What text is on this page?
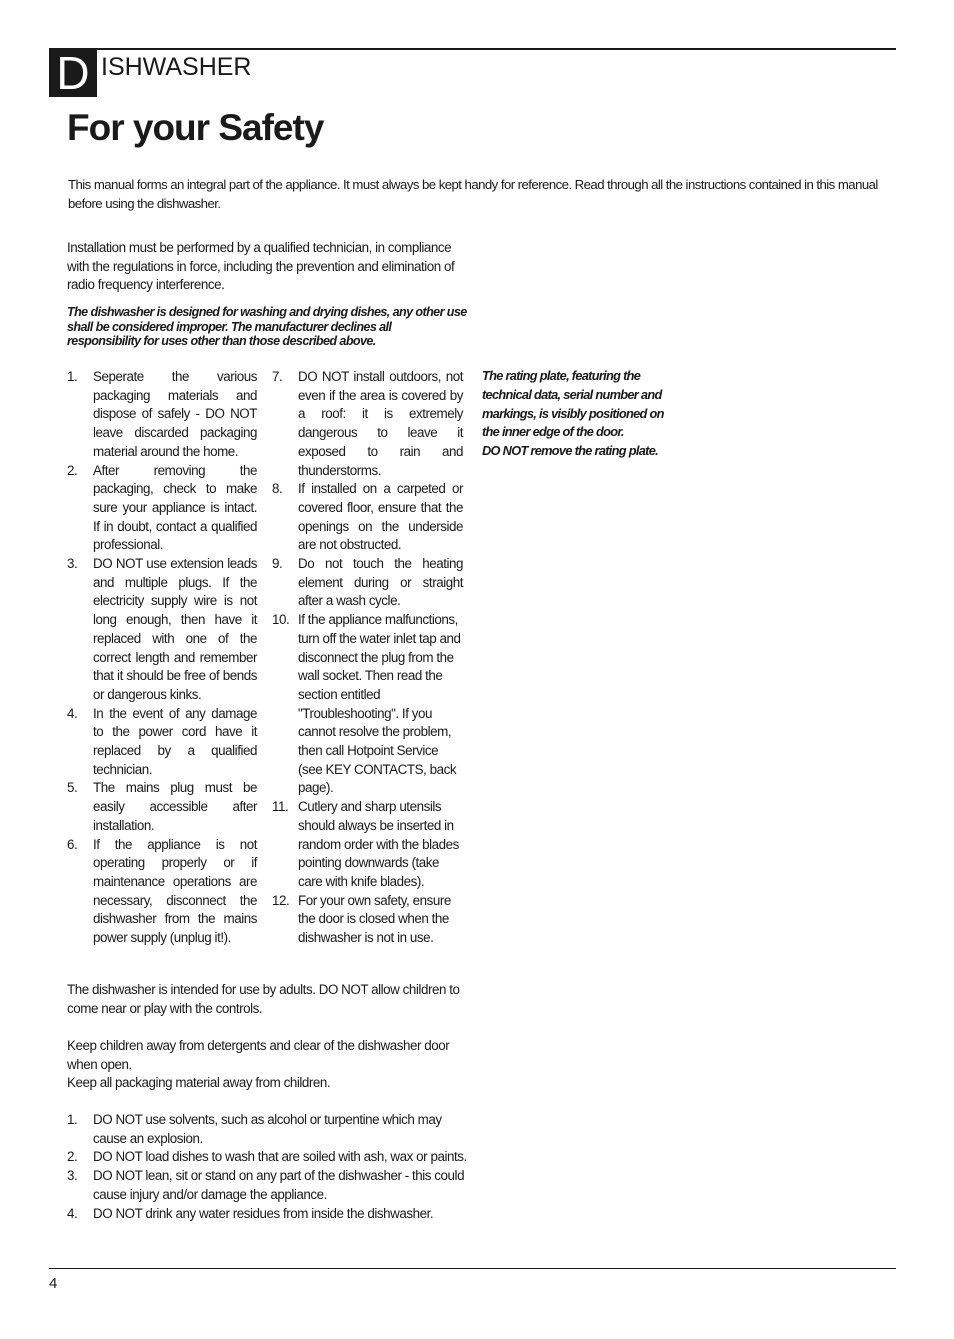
D ISHWASHER
For your Safety

This manual forms an integral part of the appliance. It must always be kept handy for reference. Read through all the instructions contained in this manual before using the dishwasher.

Installation must be performed by a qualified technician, in compliance with the regulations in force, including the prevention and elimination of radio frequency interference.

The dishwasher is designed for washing and drying dishes, any other use shall be considered improper. The manufacturer declines all responsibility for uses other than those described above.

1. Seperate the various packaging materials and dispose of safely - DO NOT leave discarded packaging material around the home.
2. After removing the packaging, check to make sure your appliance is intact. If in doubt, contact a qualified professional.
3. DO NOT use extension leads and multiple plugs. If the electricity supply wire is not long enough, then have it replaced with one of the correct length and remember that it should be free of bends or dangerous kinks.
4. In the event of any damage to the power cord have it replaced by a qualified technician.
5. The mains plug must be easily accessible after installation.
6. If the appliance is not operating properly or if maintenance operations are necessary, disconnect the dishwasher from the mains power supply (unplug it!).
7. DO NOT install outdoors, not even if the area is covered by a roof: it is extremely dangerous to leave it exposed to rain and thunderstorms.
8. If installed on a carpeted or covered floor, ensure that the openings on the underside are not obstructed.
9. Do not touch the heating element during or straight after a wash cycle.
10. If the appliance malfunctions, turn off the water inlet tap and disconnect the plug from the wall socket. Then read the section entitled "Troubleshooting". If you cannot resolve the problem, then call Hotpoint Service (see KEY CONTACTS, back page).
11. Cutlery and sharp utensils should always be inserted in random order with the blades pointing downwards (take care with knife blades).
12. For your own safety, ensure the door is closed when the dishwasher is not in use.
The rating plate, featuring the technical data, serial number and markings, is visibly positioned on the inner edge of the door.
DO NOT remove the rating plate.

The dishwasher is intended for use by adults. DO NOT allow children to come near or play with the controls.

Keep children away from detergents and clear of the dishwasher door when open.
Keep all packaging material away from children.
1. DO NOT use solvents, such as alcohol or turpentine which may cause an explosion.
2. DO NOT load dishes to wash that are soiled with ash, wax or paints.
3. DO NOT lean, sit or stand on any part of the dishwasher - this could cause injury and/or damage the appliance.
4. DO NOT drink any water residues from inside the dishwasher.
4
